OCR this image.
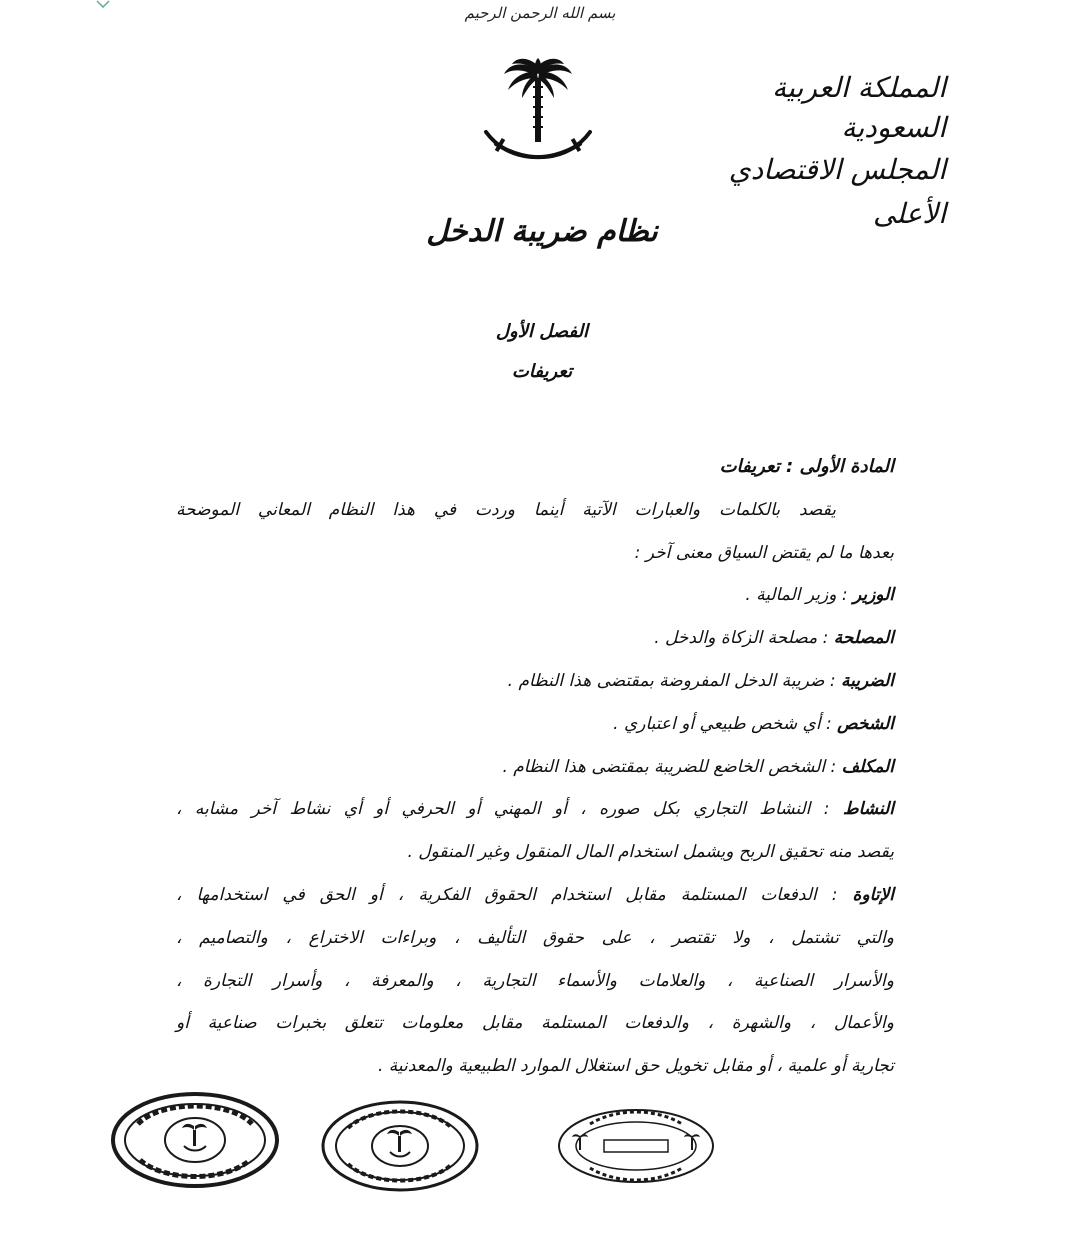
بسم الله الرحمن الرحيم
المملكة العربية السعودية
المجلس الاقتصادي الأعلى
نظام ضريبة الدخل
الفصل الأول
تعريفات

المادة الأولى : تعريفات

يقصد بالكلمات والعبارات الآتية أينما وردت في هذا النظام المعاني الموضحة

بعدها ما لم يقتض السياق معنى آخر :

الوزير : وزير المالية .

المصلحة : مصلحة الزكاة والدخل .

الضريبة : ضريبة الدخل المفروضة بمقتضى هذا النظام .

الشخص : أي شخص طبيعي أو اعتباري .

المكلف : الشخص الخاضع للضريبة بمقتضى هذا النظام .

النشاط : النشاط التجاري بكل صوره ، أو المهني أو الحرفي أو أي نشاط آخر مشابه ،

يقصد منه تحقيق الربح ويشمل استخدام المال المنقول وغير المنقول .

الإتاوة : الدفعات المستلمة مقابل استخدام الحقوق الفكرية ، أو الحق في استخدامها ،

والتي تشتمل ، ولا تقتصر ، على حقوق التأليف ، وبراءات الاختراع ، والتصاميم ،

والأسرار الصناعية ، والعلامات والأسماء التجارية ، والمعرفة ، وأسرار التجارة ،

والأعمال ، والشهرة ، والدفعات المستلمة مقابل معلومات تتعلق بخبرات صناعية أو

تجارية أو علمية ، أو مقابل تخويل حق استغلال الموارد الطبيعية والمعدنية .
